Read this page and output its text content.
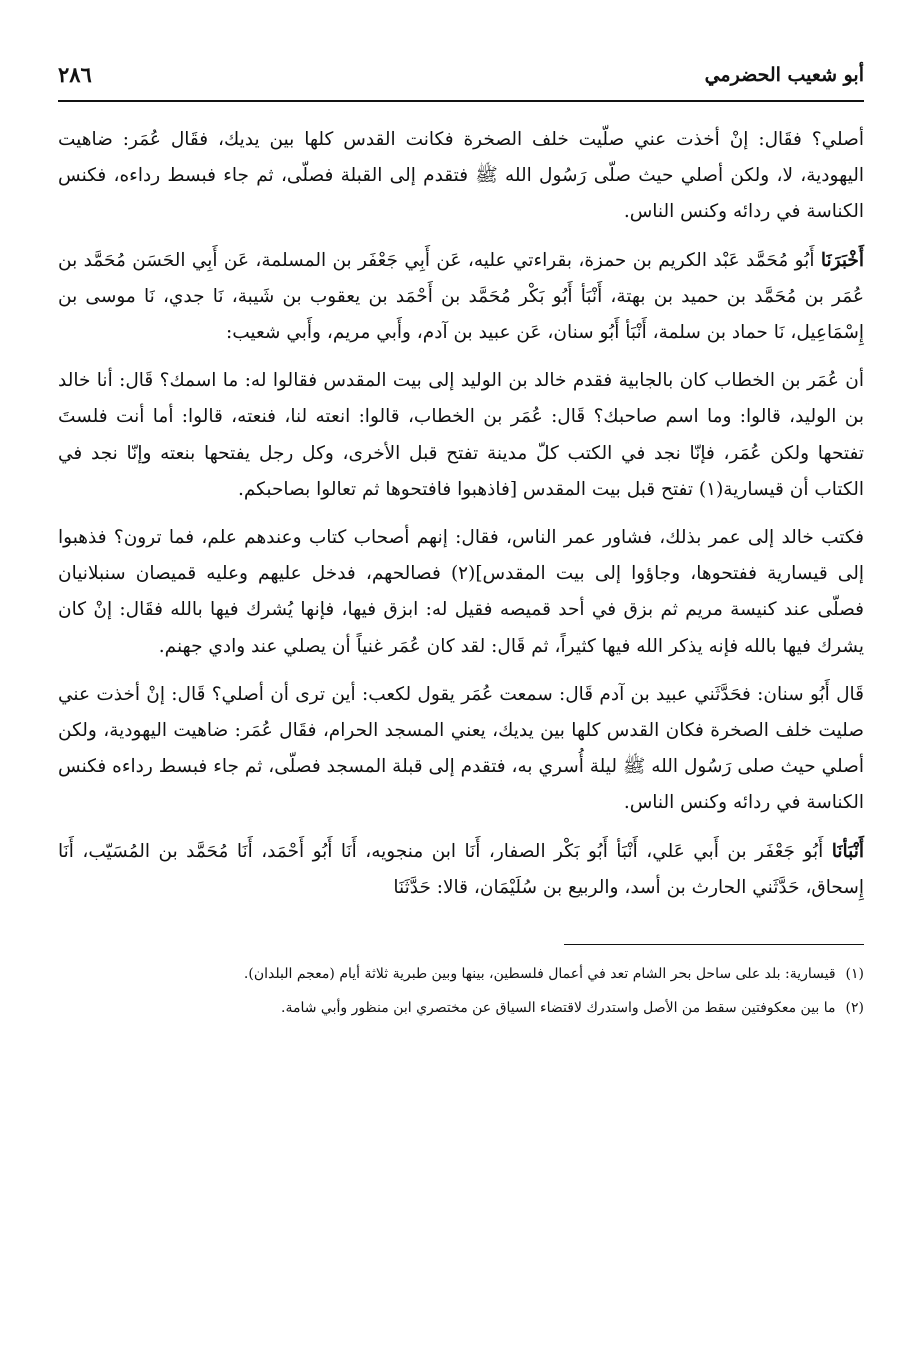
أبو شعيب الحضرمي
٢٨٦

أصلي؟ فقَال: إنْ أخذت عني صلّيت خلف الصخرة فكانت القدس كلها بين يديك، فقَال عُمَر: ضاهيت اليهودية، لا، ولكن أصلي حيث صلّى رَسُول الله ﷺ فتقدم إلى القبلة فصلّى، ثم جاء فبسط رداءه، فكنس الكناسة في ردائه وكنس الناس.

أَخْبَرَنَا أَبُو مُحَمَّد عَبْد الكريم بن حمزة، بقراءتي عليه، عَن أَبِي جَعْفَر بن المسلمة، عَن أَبِي الحَسَن مُحَمَّد بن عُمَر بن مُحَمَّد بن حميد بن بهتة، أَنْبَأ أَبُو بَكْر مُحَمَّد بن أَحْمَد بن يعقوب بن شَيبة، نَا جدي، نَا موسى بن إِسْمَاعِيل، نَا حماد بن سلمة، أَنْبَأ أَبُو سنان، عَن عبيد بن آدم، وأَبي مريم، وأَبي شعيب:

أن عُمَر بن الخطاب كان بالجابية فقدم خالد بن الوليد إلى بيت المقدس فقالوا له: ما اسمك؟ قَال: أنا خالد بن الوليد، قالوا: وما اسم صاحبك؟ قَال: عُمَر بن الخطاب، قالوا: انعته لنا، فنعته، قالوا: أما أنت فلستَ تفتحها ولكن عُمَر، فإنّا نجد في الكتب كلّ مدينة تفتح قبل الأخرى، وكل رجل يفتحها بنعته وإنّا نجد في الكتاب أن قيسارية(١) تفتح قبل بيت المقدس [فاذهبوا فافتحوها ثم تعالوا بصاحبكم.

فكتب خالد إلى عمر بذلك، فشاور عمر الناس، فقال: إنهم أصحاب كتاب وعندهم علم، فما ترون؟ فذهبوا إلى قيسارية ففتحوها، وجاؤوا إلى بيت المقدس](٢) فصالحهم، فدخل عليهم وعليه قميصان سنبلانيان فصلّى عند كنيسة مريم ثم بزق في أحد قميصه فقيل له: ابزق فيها، فإنها يُشرك فيها بالله فقَال: إنْ كان يشرك فيها بالله فإنه يذكر الله فيها كثيراً، ثم قَال: لقد كان عُمَر غنياً أن يصلي عند وادي جهنم.

قَال أَبُو سنان: فحَدَّثَني عبيد بن آدم قَال: سمعت عُمَر يقول لكعب: أين ترى أن أصلي؟ قَال: إنْ أخذت عني صليت خلف الصخرة فكان القدس كلها بين يديك، يعني المسجد الحرام، فقَال عُمَر: ضاهيت اليهودية، ولكن أصلي حيث صلى رَسُول الله ﷺ ليلة أُسري به، فتقدم إلى قبلة المسجد فصلّى، ثم جاء فبسط رداءه فكنس الكناسة في ردائه وكنس الناس.

أَنْبَأنَا أَبُو جَعْفَر بن أَبي عَلي، أَنْبَأ أَبُو بَكْر الصفار، أَنَا ابن منجويه، أَنَا أَبُو أَحْمَد، أَنَا مُحَمَّد بن المُسَيّب، أَنَا إِسحاق، حَدَّثَني الحارث بن أسد، والربيع بن سُلَيْمَان، قالا: حَدَّثَنَا

(١)قيسارية: بلد على ساحل بحر الشام تعد في أعمال فلسطين، بينها وبين طبرية ثلاثة أيام (معجم البلدان).

(٢)ما بين معكوفتين سقط من الأصل واستدرك لاقتضاء السياق عن مختصري ابن منظور وأبي شامة.
